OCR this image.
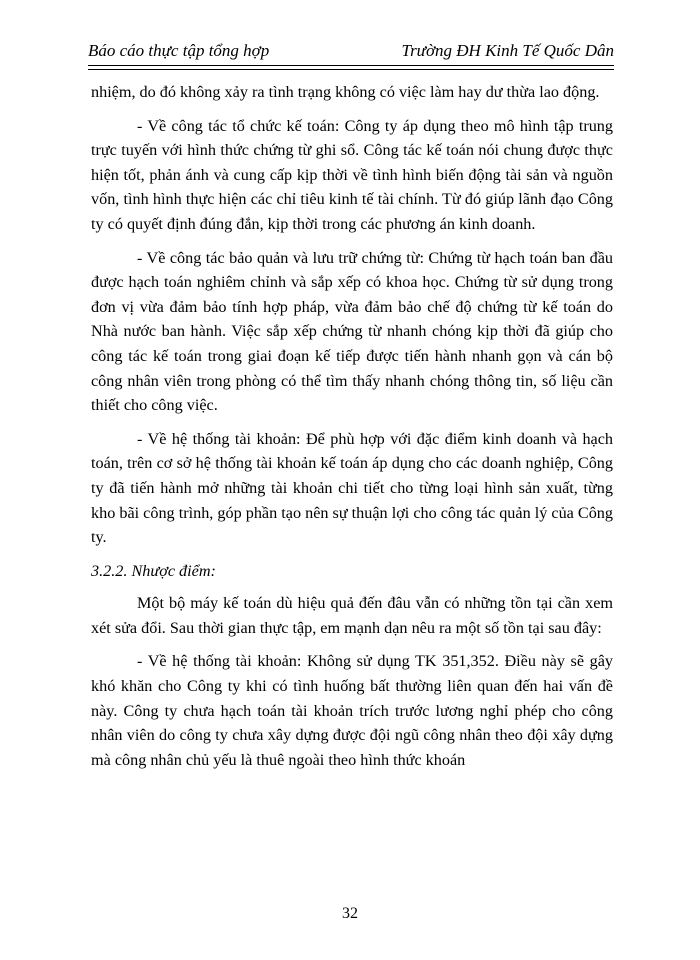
Báo cáo thực tập tổng hợp	Trường ĐH Kinh Tế Quốc Dân

nhiệm, do đó không xảy ra tình trạng không có việc làm hay dư thừa lao động.

- Về công tác tổ chức kế toán: Công ty áp dụng theo mô hình tập trung trực tuyến với hình thức chứng từ ghi sổ. Công tác kế toán nói chung được thực hiện tốt, phản ánh và cung cấp kịp thời về tình hình biến động tài sản và nguồn vốn, tình hình thực hiện các chỉ tiêu kinh tế tài chính. Từ đó giúp lãnh đạo Công ty có quyết định đúng đắn, kịp thời trong các phương án kinh doanh.

- Về công tác bảo quản và lưu trữ chứng từ: Chứng từ hạch toán ban đầu được hạch toán nghiêm chỉnh và sắp xếp có khoa học. Chứng từ sử dụng trong đơn vị vừa đảm bảo tính hợp pháp, vừa đảm bảo chế độ chứng từ kế toán do Nhà nước ban hành. Việc sắp xếp chứng từ nhanh chóng kịp thời đã giúp cho công tác kế toán trong giai đoạn kế tiếp được tiến hành nhanh gọn và cán bộ công nhân viên trong phòng có thể tìm thấy nhanh chóng thông tin, số liệu cần thiết cho công việc.

- Về hệ thống tài khoản: Để phù hợp với đặc điểm kinh doanh và hạch toán, trên cơ sở hệ thống tài khoản kế toán áp dụng cho các doanh nghiệp, Công ty đã tiến hành mở những tài khoản chi tiết cho từng loại hình sản xuất, từng kho bãi công trình, góp phần tạo nên sự thuận lợi cho công tác quản lý của Công ty.

3.2.2. Nhược điểm:

Một bộ máy kế toán dù hiệu quả đến đâu vẫn có những tồn tại cần xem xét sửa đổi. Sau thời gian thực tập, em mạnh dạn nêu ra một số tồn tại sau đây:

- Về hệ thống tài khoản: Không sử dụng TK 351,352. Điều này sẽ gây khó khăn cho Công ty khi có tình huống bất thường liên quan đến hai vấn đề này. Công ty chưa hạch toán tài khoản trích trước lương nghỉ phép cho công nhân viên do công ty chưa xây dựng được đội ngũ công nhân theo đội xây dựng mà công nhân chủ yếu là thuê ngoài theo hình thức khoán

32
